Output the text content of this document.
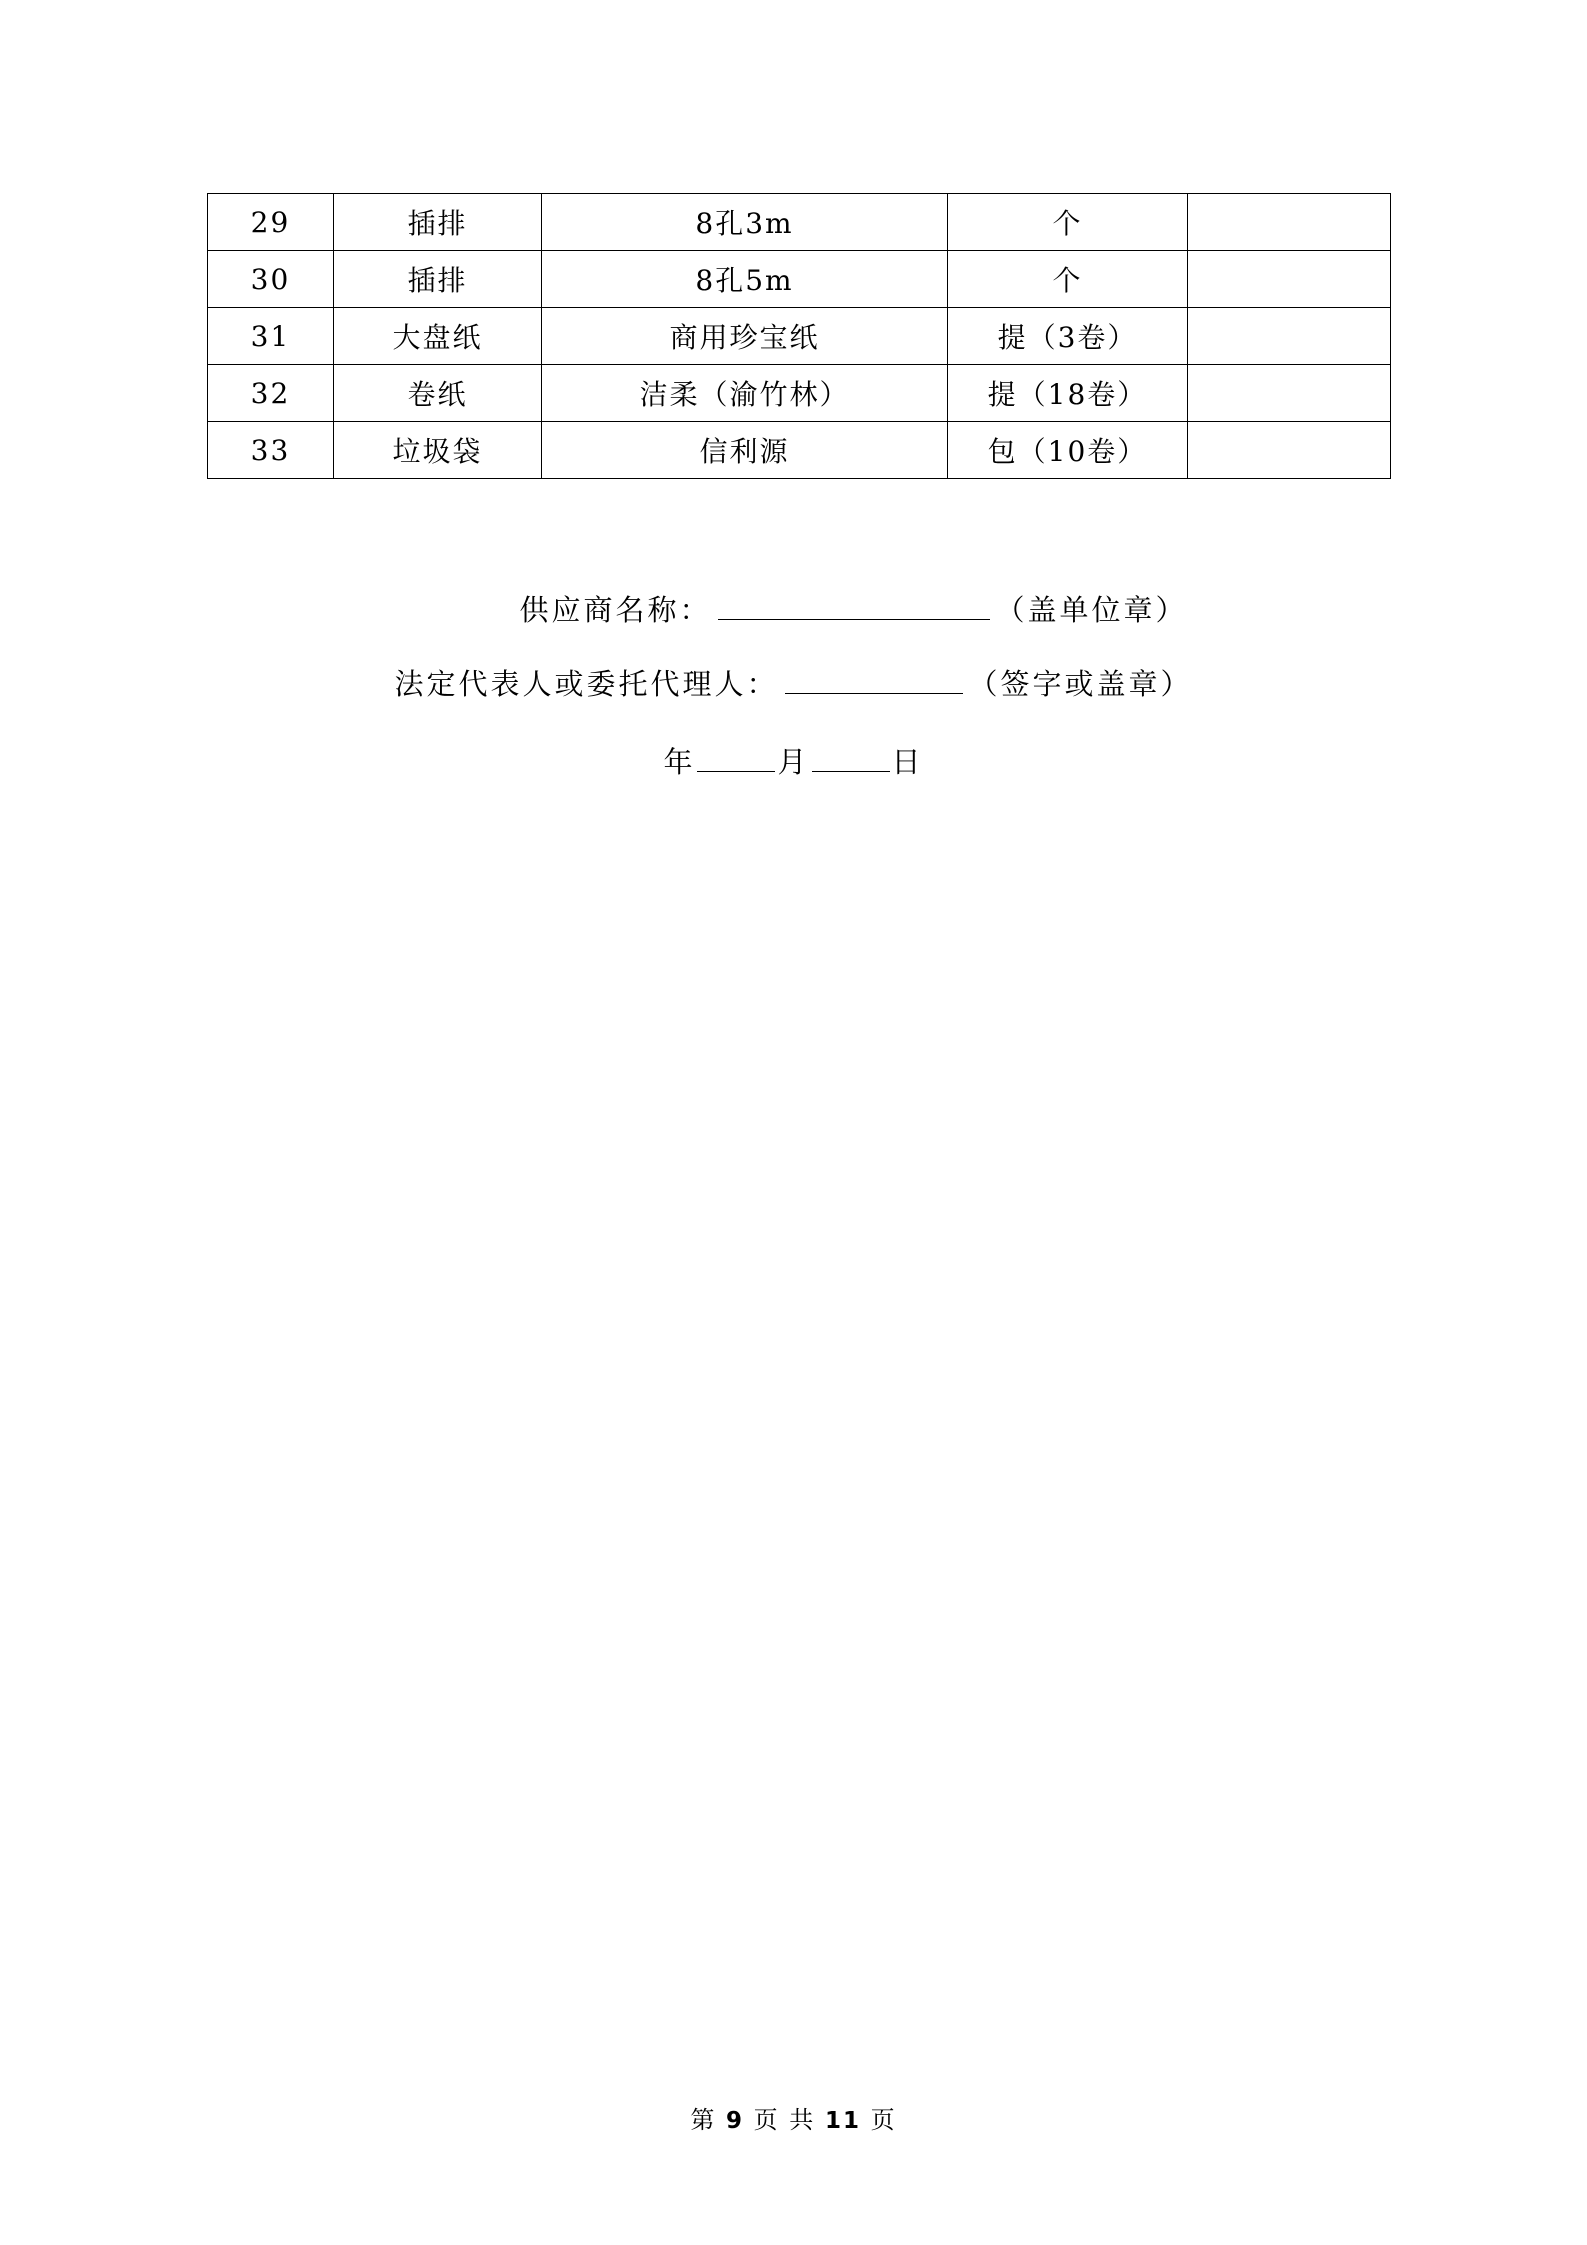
29	插排	8孔3m	个	
30	插排	8孔5m	个	
31	大盘纸	商用珍宝纸	提（3卷）	
32	卷纸	洁柔（渝竹林）	提（18卷）	
33	垃圾袋	信利源	包（10卷）	
供应商名称：	（盖单位章）
法定代表人或委托代理人：	（签字或盖章）
年	月	日
第 9 页 共 11 页
